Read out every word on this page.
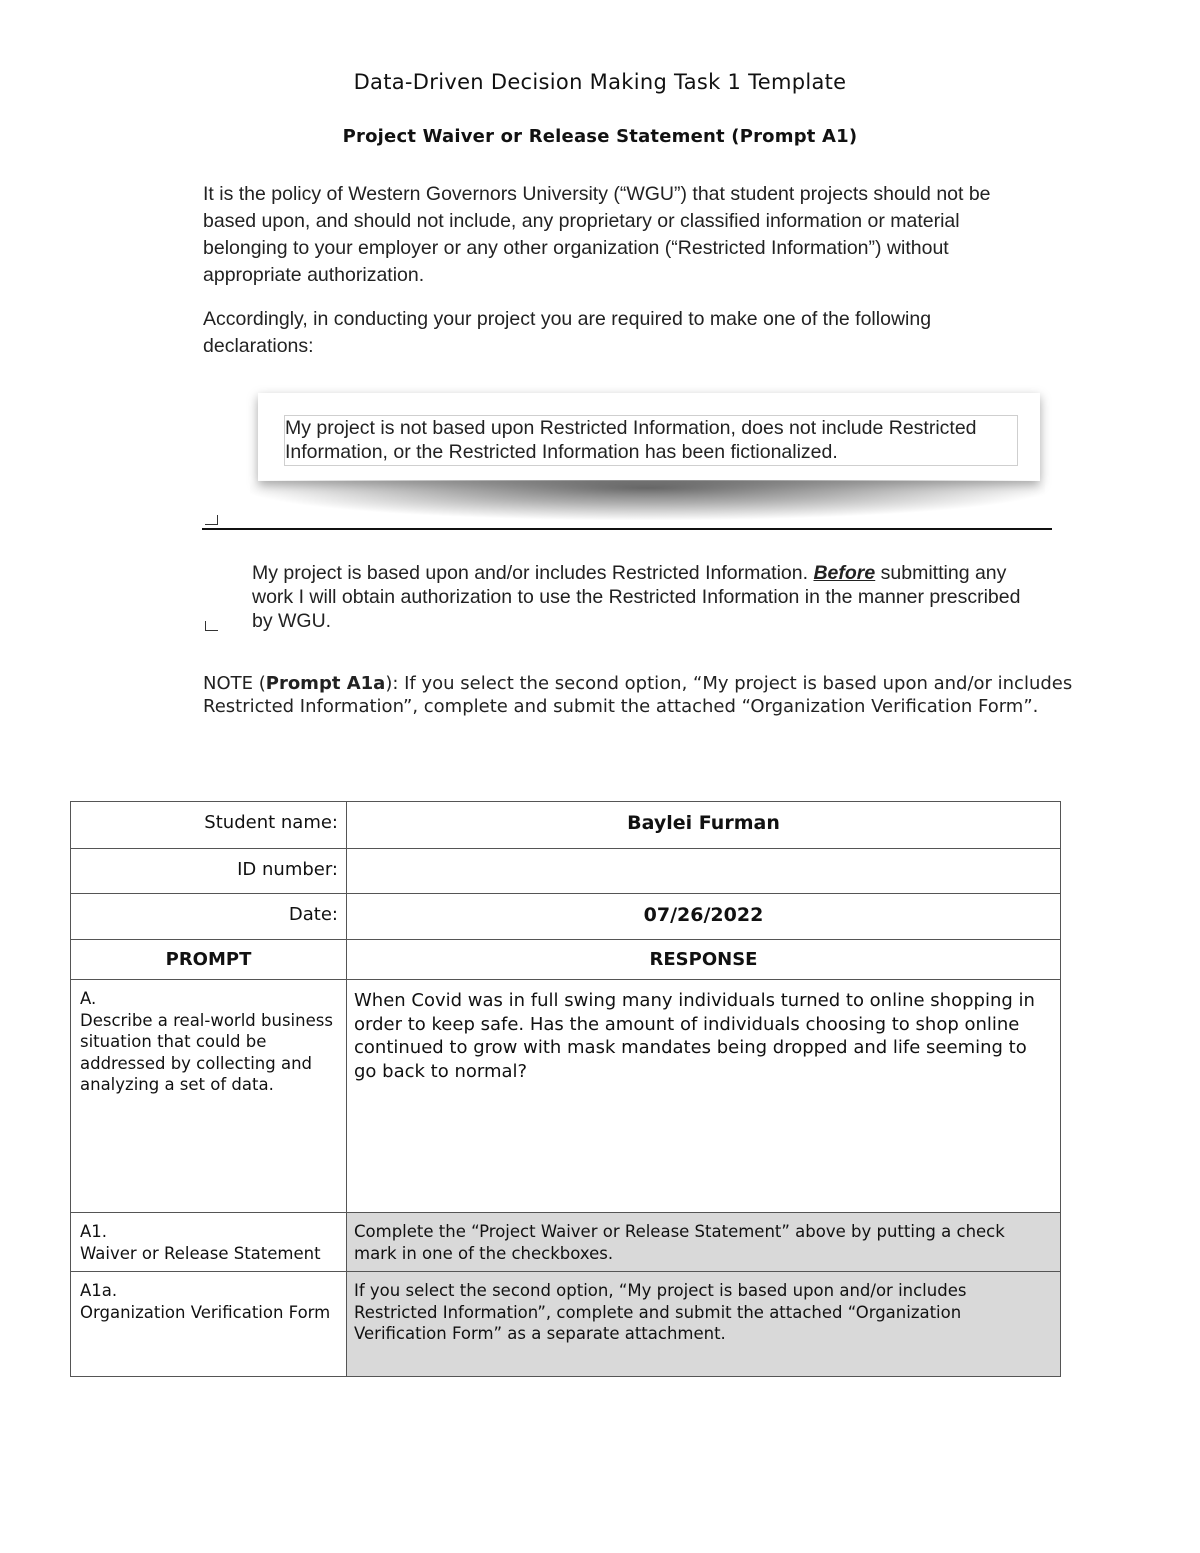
Data-Driven Decision Making Task 1 Template
Project Waiver or Release Statement (Prompt A1)
It is the policy of Western Governors University (“WGU”) that student projects should not be based upon, and should not include, any proprietary or classified information or material belonging to your employer or any other organization (“Restricted Information”) without appropriate authorization.
Accordingly, in conducting your project you are required to make one of the following declarations:
My project is not based upon Restricted Information, does not include Restricted Information, or the Restricted Information has been fictionalized.
My project is based upon and/or includes Restricted Information. Before submitting any work I will obtain authorization to use the Restricted Information in the manner prescribed by WGU.
NOTE (Prompt A1a): If you select the second option, “My project is based upon and/or includes Restricted Information”, complete and submit the attached “Organization Verification Form”.
Student name:	Baylei Furman
ID number:	
Date:	07/26/2022
PROMPT	RESPONSE

A.
Describe a real-world business situation that could be addressed by collecting and analyzing a set of data.	When Covid was in full swing many individuals turned to online shopping in order to keep safe. Has the amount of individuals choosing to shop online continued to grow with mask mandates being dropped and life seeming to go back to normal?

A1.
Waiver or Release Statement	Complete the “Project Waiver or Release Statement” above by putting a check mark in one of the checkboxes.

A1a.
Organization Verification Form	If you select the second option, “My project is based upon and/or includes Restricted Information”, complete and submit the attached “Organization Verification Form” as a separate attachment.
